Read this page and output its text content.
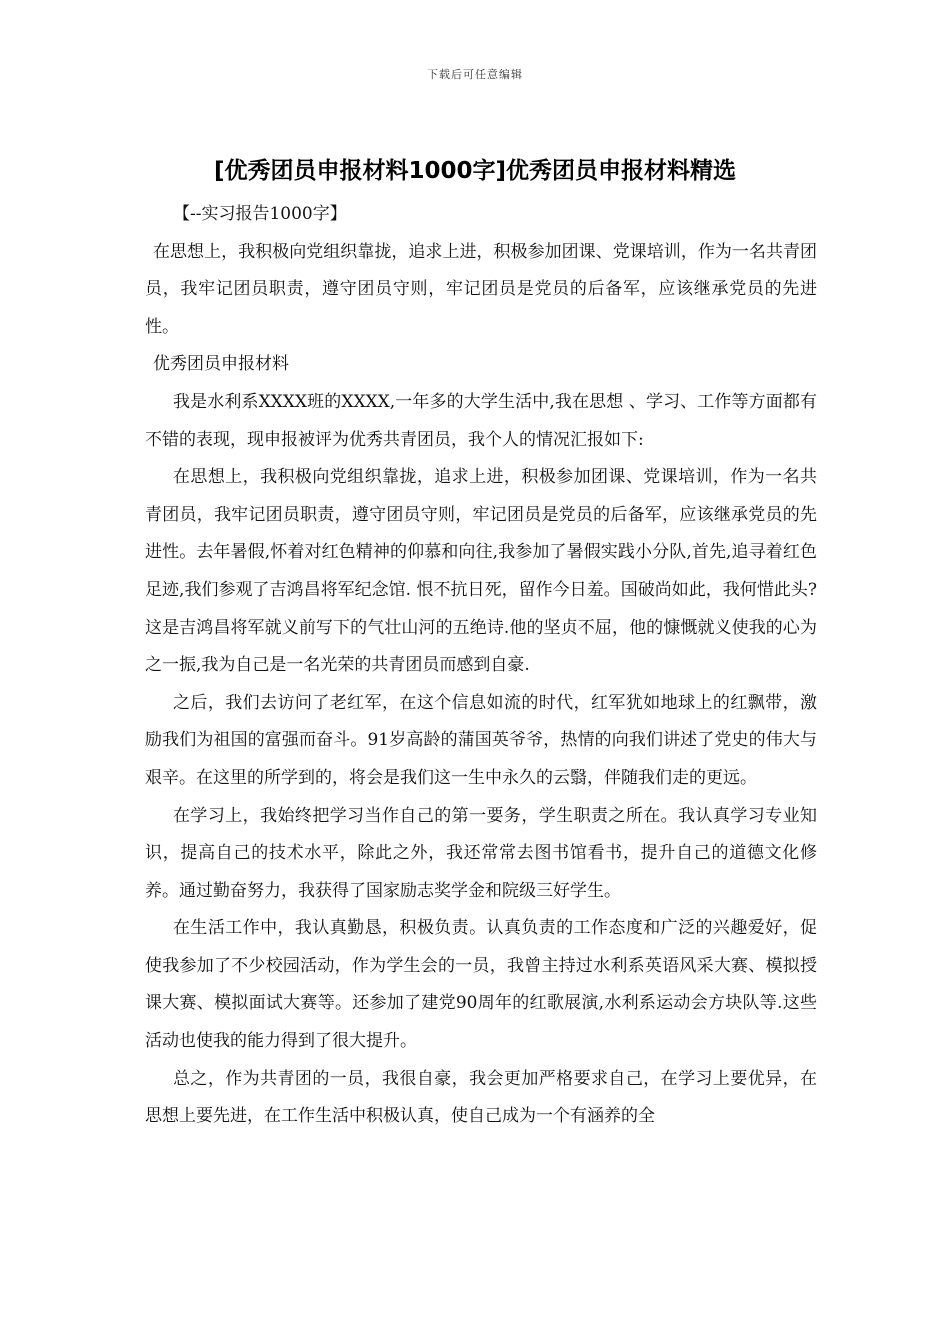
下载后可任意编辑
[优秀团员申报材料1000字]优秀团员申报材料精选

【--实习报告1000字】

在思想上，我积极向党组织靠拢，追求上进，积极参加团课、党课培训，作为一名共青团员，我牢记团员职责，遵守团员守则，牢记团员是党员的后备军，应该继承党员的先进性。

优秀团员申报材料

我是水利系XXXX班的XXXX,一年多的大学生活中,我在思想 、学习、工作等方面都有不错的表现，现申报被评为优秀共青团员，我个人的情况汇报如下:

在思想上，我积极向党组织靠拢，追求上进，积极参加团课、党课培训，作为一名共青团员，我牢记团员职责，遵守团员守则，牢记团员是党员的后备军，应该继承党员的先进性。去年暑假,怀着对红色精神的仰慕和向往,我参加了暑假实践小分队,首先,追寻着红色足迹,我们参观了吉鸿昌将军纪念馆. 恨不抗日死，留作今日羞。国破尚如此，我何惜此头? 这是吉鸿昌将军就义前写下的气壮山河的五绝诗.他的坚贞不屈，他的慷慨就义使我的心为之一振,我为自己是一名光荣的共青团员而感到自豪.

之后，我们去访问了老红军，在这个信息如流的时代，红军犹如地球上的红飘带，激励我们为祖国的富强而奋斗。91岁高龄的蒲国英爷爷，热情的向我们讲述了党史的伟大与艰辛。在这里的所学到的，将会是我们这一生中永久的云翳，伴随我们走的更远。

在学习上，我始终把学习当作自己的第一要务，学生职责之所在。我认真学习专业知识，提高自己的技术水平，除此之外，我还常常去图书馆看书，提升自己的道德文化修养。通过勤奋努力，我获得了国家励志奖学金和院级三好学生。

在生活工作中，我认真勤恳，积极负责。认真负责的工作态度和广泛的兴趣爱好，促使我参加了不少校园活动，作为学生会的一员，我曾主持过水利系英语风采大赛、模拟授课大赛、模拟面试大赛等。还参加了建党90周年的红歌展演,水利系运动会方块队等.这些活动也使我的能力得到了很大提升。

总之，作为共青团的一员，我很自豪，我会更加严格要求自己，在学习上要优异，在思想上要先进，在工作生活中积极认真，使自己成为一个有涵养的全
